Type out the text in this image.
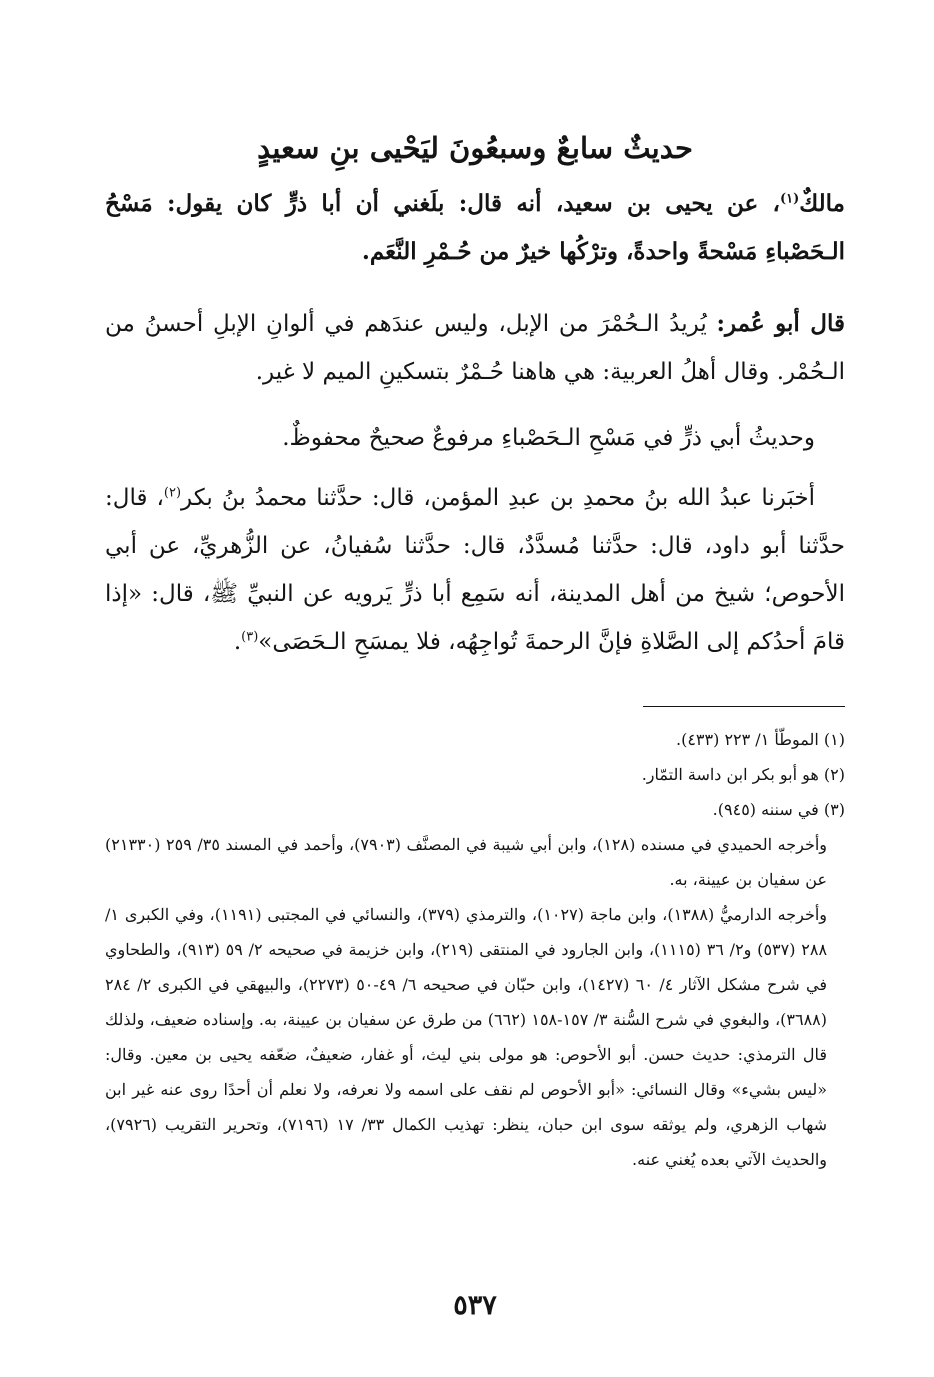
حديثٌ سابعٌ وسبعُونَ ليَحْيى بنِ سعيدٍ

مالكٌ$^{(١)}$، عن يحيى بن سعيد، أنه قال: بلَغني أن أبا ذرٍّ كان يقول: مَسْحُ الـحَصْباءِ مَسْحةً واحدةً، وترْكُها خيرٌ من حُـمْرِ النَّعَم.

قال أبو عُمر: يُريدُ الـحُمْرَ من الإبل، وليس عندَهم في ألوانِ الإبلِ أحسنُ من الـحُمْر. وقال أهلُ العربية: هي هاهنا حُـمْرٌ بتسكينِ الميم لا غير.

وحديثُ أبي ذرٍّ في مَسْحِ الـحَصْباءِ مرفوعٌ صحيحٌ محفوظٌ.

أخبَرنا عبدُ الله بنُ محمدِ بن عبدِ المؤمن، قال: حدَّثنا محمدُ بنُ بكر$^{(٢)}$، قال: حدَّثنا أبو داود، قال: حدَّثنا مُسدَّدٌ، قال: حدَّثنا سُفيانُ، عن الزُّهريِّ، عن أبي الأحوص؛ شيخ من أهل المدينة، أنه سَمِع أبا ذرٍّ يَرويه عن النبيِّ ﷺ، قال: «إذا قامَ أحدُكم إلى الصَّلاةِ فإنَّ الرحمةَ تُواجِهُه، فلا يمسَحِ الـحَصَى»$^{(٣)}$.

(١) الموطّأ ١/ ٢٢٣ (٤٣٣).
(٢) هو أبو بكر ابن داسة التمّار.
(٣) في سننه (٩٤٥).
وأخرجه الحميدي في مسنده (١٢٨)، وابن أبي شيبة في المصنَّف (٧٩٠٣)، وأحمد في المسند ٣٥/ ٢٥٩ (٢١٣٣٠) عن سفيان بن عيينة، به.
وأخرجه الدارميُّ (١٣٨٨)، وابن ماجة (١٠٢٧)، والترمذي (٣٧٩)، والنسائي في المجتبى (١١٩١)، وفي الكبرى ١/ ٢٨٨ (٥٣٧) و٢/ ٣٦ (١١١٥)، وابن الجارود في المنتقى (٢١٩)، وابن خزيمة في صحيحه ٢/ ٥٩ (٩١٣)، والطحاوي في شرح مشكل الآثار ٤/ ٦٠ (١٤٢٧)، وابن حبّان في صحيحه ٦/ ٤٩-٥٠ (٢٢٧٣)، والبيهقي في الكبرى ٢/ ٢٨٤ (٣٦٨٨)، والبغوي في شرح السُّنة ٣/ ١٥٧-١٥٨ (٦٦٢) من طرق عن سفيان بن عيينة، به. وإسناده ضعيف، ولذلك قال الترمذي: حديث حسن. أبو الأحوص: هو مولى بني ليث، أو غفار، ضعيفٌ، ضعّفه يحيى بن معين. وقال: «ليس بشيء» وقال النسائي: «أبو الأحوص لم نقف على اسمه ولا نعرفه، ولا نعلم أن أحدًا روى عنه غير ابن شهاب الزهري، ولم يوثقه سوى ابن حبان، ينظر: تهذيب الكمال ٣٣/ ١٧ (٧١٩٦)، وتحرير التقريب (٧٩٢٦)، والحديث الآتي بعده يُغني عنه.
٥٣٧
